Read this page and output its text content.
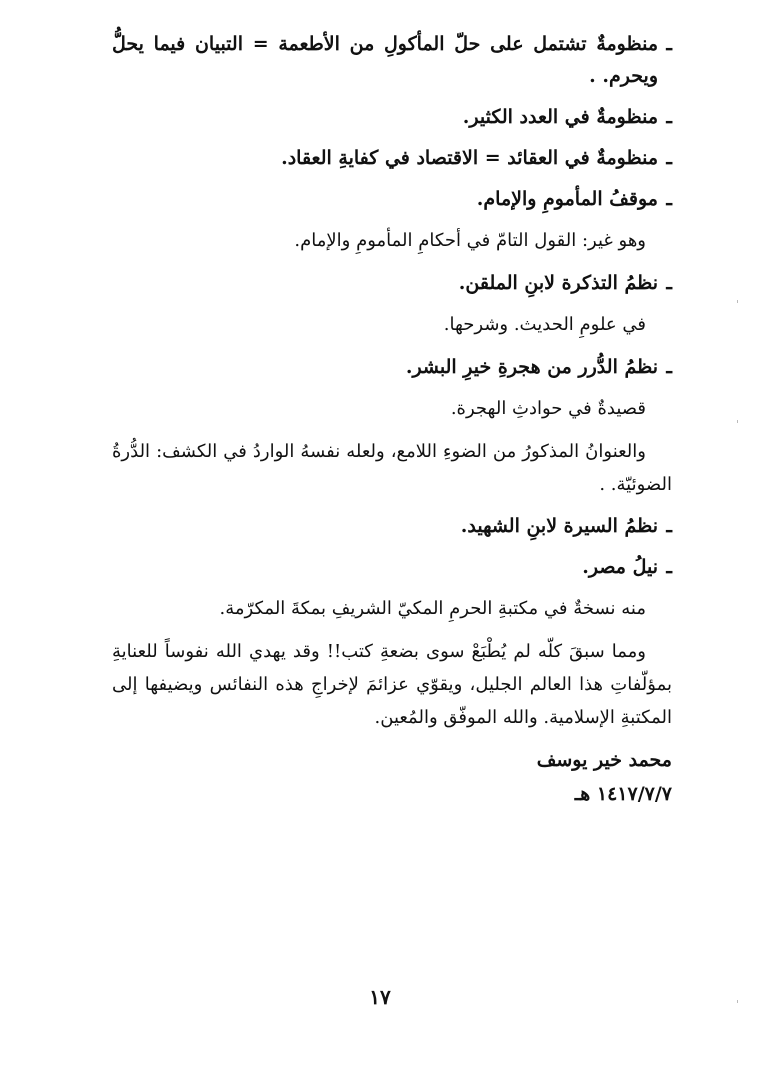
ـ
منظومةٌ تشتمل على حلّ المأكولِ من الأطعمة = التبيان فيما يحلُّ ويحرم. .
ـ
منظومةٌ في العدد الكثير.
ـ
منظومةٌ في العقائد = الاقتصاد في كفايةِ العقاد.
ـ
موقفُ المأمومِ والإمام.
وهو غير: القول التامّ في أحكامِ المأمومِ والإمام.
ـ
نظمُ التذكرة لابنِ الملقن.
في علومِ الحديث. وشرحها.
ـ
نظمُ الدُّرر من هجرةِ خيرِ البشر.
قصيدةٌ في حوادثِ الهجرة.
والعنوانُ المذكورُ من الضوءِ اللامع، ولعله نفسهُ الواردُ في الكشف: الدُّرةُ الضوئيّة. .
ـ
نظمُ السيرة لابنِ الشهيد.
ـ
نيلُ مصر.
منه نسخةٌ في مكتبةِ الحرمِ المكيّ الشريفِ بمكةَ المكرّمة.
ومما سبقَ كلّه لم يُطْبَعْ سوى بضعةِ كتب!! وقد يهدي الله نفوساً للعنايةِ بمؤلّفاتِ هذا العالم الجليل، ويقوّي عزائمَ لإخراجِ هذه النفائس ويضيفها إلى المكتبةِ الإسلامية. والله الموفّق والمُعين.
محمد خير يوسف
١٤١٧/٧/٧ هـ
١٧
